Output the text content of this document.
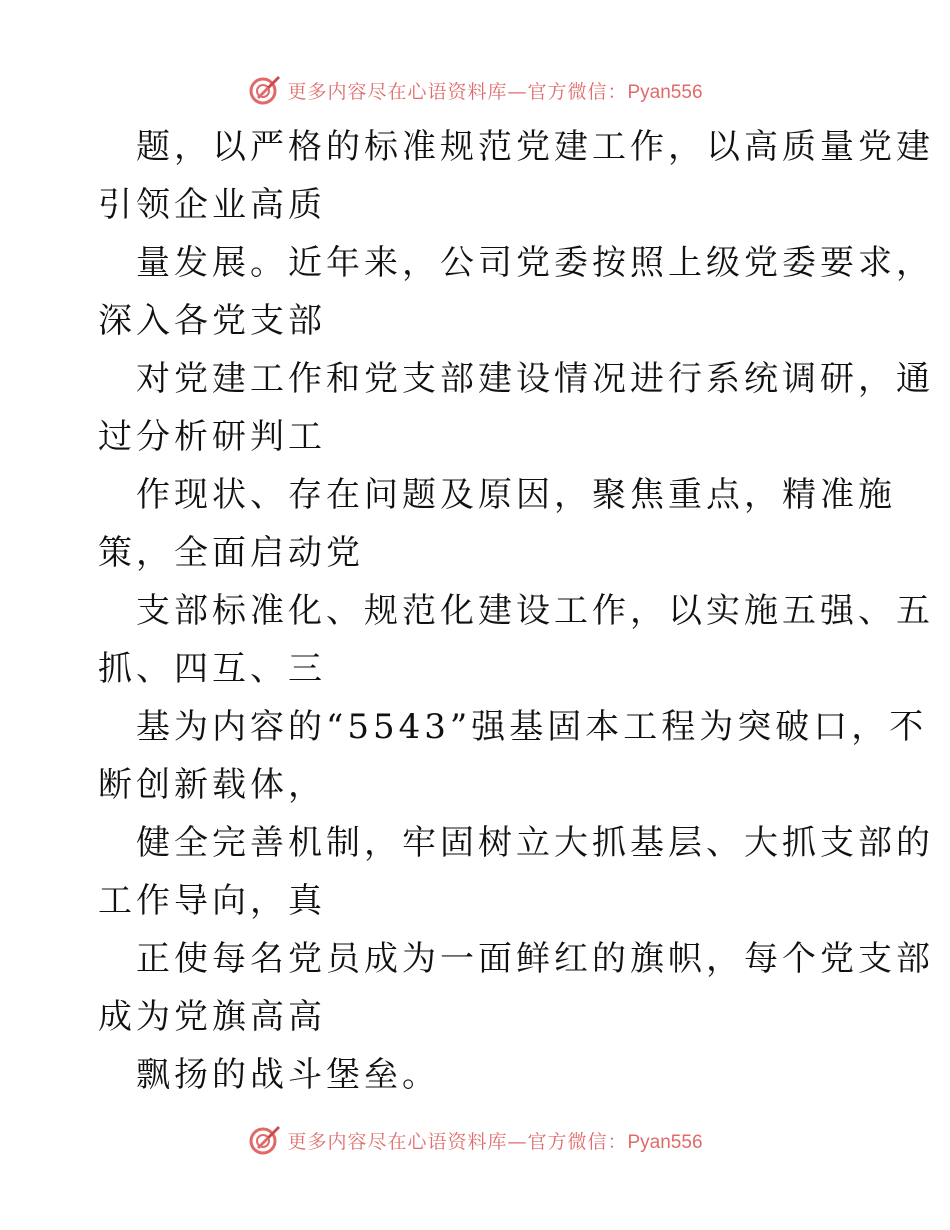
更多内容尽在心语资料库—官方微信：Pyan556
题，以严格的标准规范党建工作，以高质量党建
引领企业高质
量发展。近年来，公司党委按照上级党委要求，
深入各党支部
对党建工作和党支部建设情况进行系统调研，通
过分析研判工
作现状、存在问题及原因，聚焦重点，精准施
策，全面启动党
支部标准化、规范化建设工作，以实施五强、五
抓、四互、三
基为内容的“5543”强基固本工程为突破口，不
断创新载体，
健全完善机制，牢固树立大抓基层、大抓支部的
工作导向，真
正使每名党员成为一面鲜红的旗帜，每个党支部
成为党旗高高
飘扬的战斗堡垒。
更多内容尽在心语资料库—官方微信：Pyan556
